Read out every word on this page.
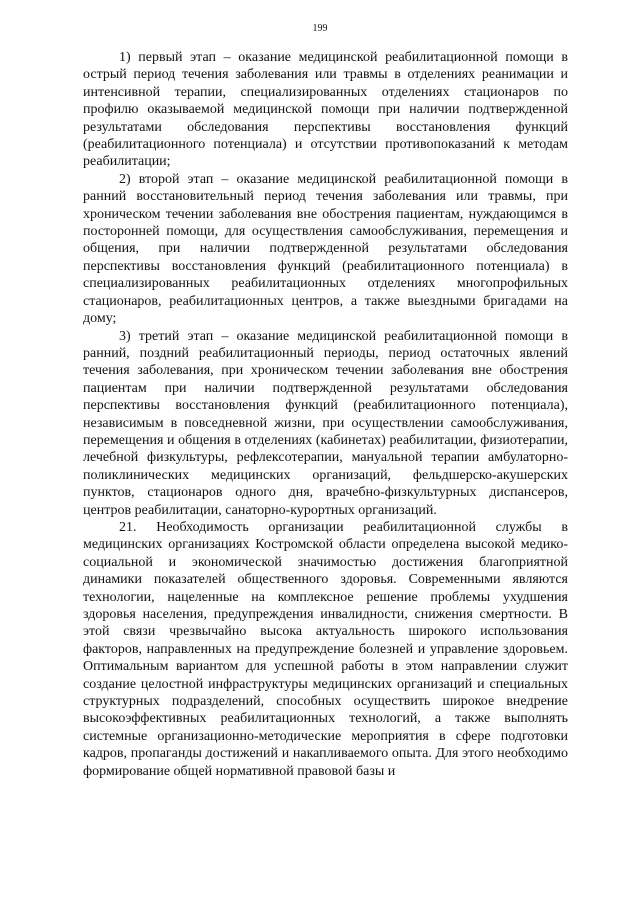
199

1) первый этап – оказание медицинской реабилитационной помощи в острый период течения заболевания или травмы в отделениях реанимации и интенсивной терапии, специализированных отделениях стационаров по профилю оказываемой медицинской помощи при наличии подтвержденной результатами обследования перспективы восстановления функций (реабилитационного потенциала) и отсутствии противопоказаний к методам реабилитации;

2) второй этап – оказание медицинской реабилитационной помощи в ранний восстановительный период течения заболевания или травмы, при хроническом течении заболевания вне обострения пациентам, нуждающимся в посторонней помощи, для осуществления самообслуживания, перемещения и общения, при наличии подтвержденной результатами обследования перспективы восстановления функций (реабилитационного потенциала) в специализированных реабилитационных отделениях многопрофильных стационаров, реабилитационных центров, а также выездными бригадами на дому;

3) третий этап – оказание медицинской реабилитационной помощи в ранний, поздний реабилитационный периоды, период остаточных явлений течения заболевания, при хроническом течении заболевания вне обострения пациентам при наличии подтвержденной результатами обследования перспективы восстановления функций (реабилитационного потенциала), независимым в повседневной жизни, при осуществлении самообслуживания, перемещения и общения в отделениях (кабинетах) реабилитации, физиотерапии, лечебной физкультуры, рефлексотерапии, мануальной терапии амбулаторно-поликлинических медицинских организаций, фельдшерско-акушерских пунктов, стационаров одного дня, врачебно-физкультурных диспансеров, центров реабилитации, санаторно-курортных организаций.

21. Необходимость организации реабилитационной службы в медицинских организациях Костромской области определена высокой медико-социальной и экономической значимостью достижения благоприятной динамики показателей общественного здоровья. Современными являются технологии, нацеленные на комплексное решение проблемы ухудшения здоровья населения, предупреждения инвалидности, снижения смертности. В этой связи чрезвычайно высока актуальность широкого использования факторов, направленных на предупреждение болезней и управление здоровьем. Оптимальным вариантом для успешной работы в этом направлении служит создание целостной инфраструктуры медицинских организаций и специальных структурных подразделений, способных осуществить широкое внедрение высокоэффективных реабилитационных технологий, а также выполнять системные организационно-методические мероприятия в сфере подготовки кадров, пропаганды достижений и накапливаемого опыта. Для этого необходимо формирование общей нормативной правовой базы и
